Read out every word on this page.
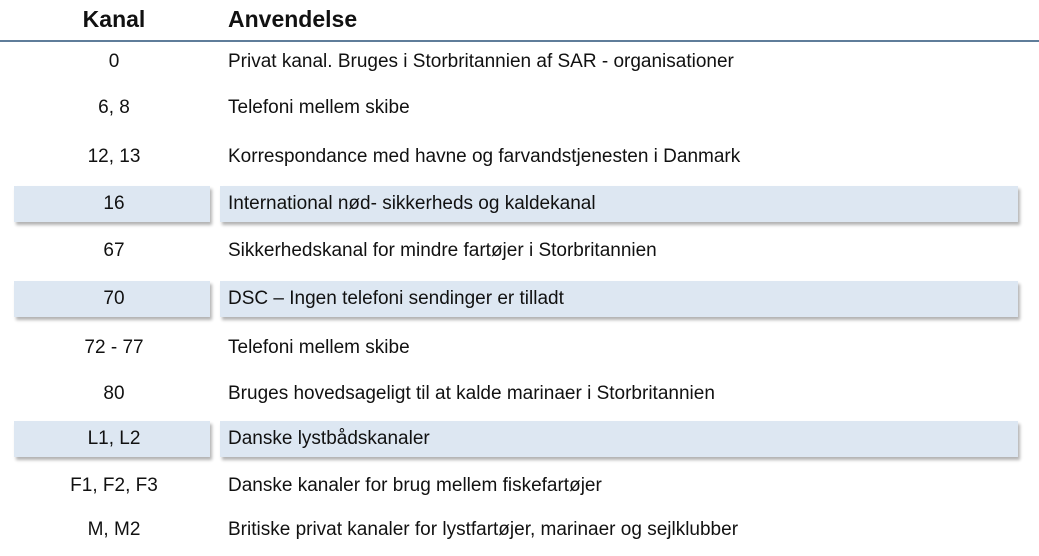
Kanal	Anvendelse
0	Privat kanal. Bruges i Storbritannien af SAR - organisationer
6, 8	Telefoni mellem skibe
12, 13	Korrespondance med havne og farvandstjenesten i Danmark
16	International nød- sikkerheds og kaldekanal
67	Sikkerhedskanal for mindre fartøjer i Storbritannien
70	DSC – Ingen telefoni sendinger er tilladt
72 - 77	Telefoni mellem skibe
80	Bruges hovedsageligt til at kalde marinaer i Storbritannien
L1, L2	Danske lystbådskanaler
F1, F2, F3	Danske kanaler for brug mellem fiskefartøjer
M, M2	Britiske privat kanaler for lystfartøjer, marinaer og sejlklubber
